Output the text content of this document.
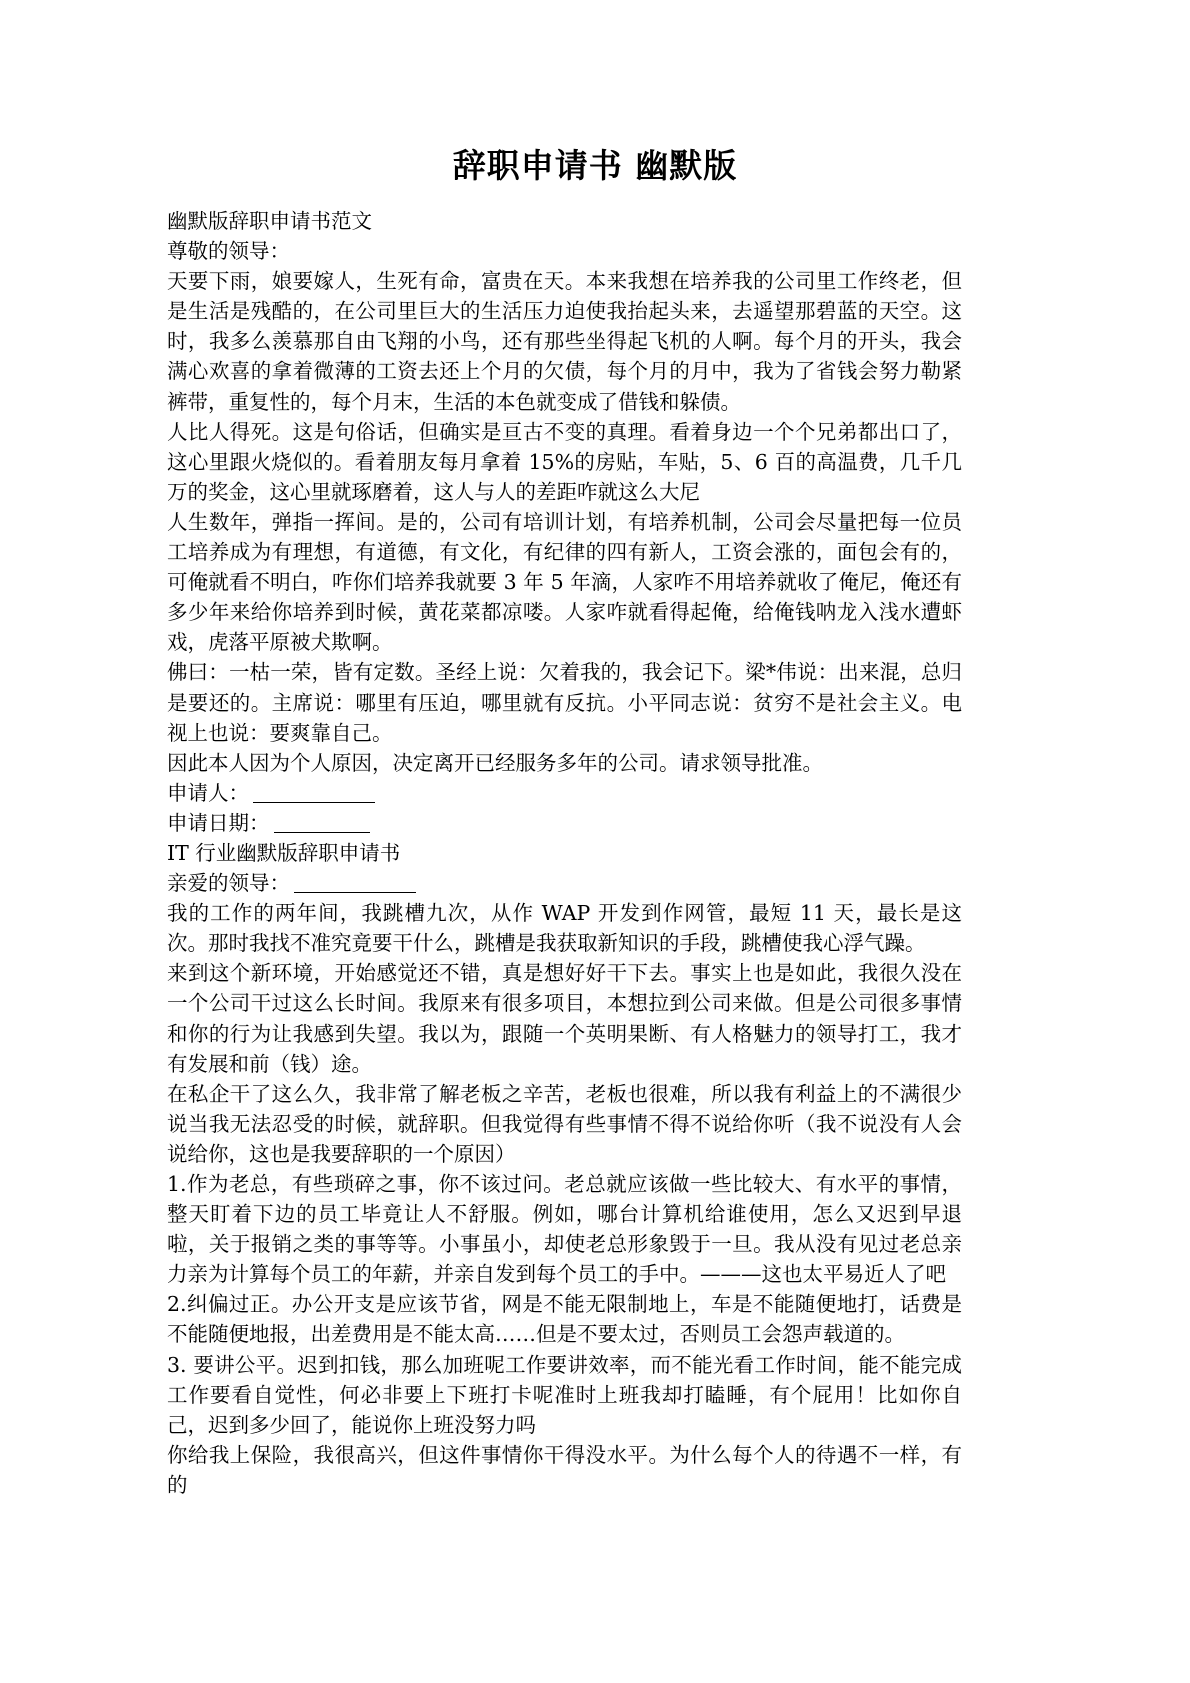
辞职申请书 幽默版

幽默版辞职申请书范文

尊敬的领导：

天要下雨，娘要嫁人，生死有命，富贵在天。本来我想在培养我的公司里工作终老，但是生活是残酷的，在公司里巨大的生活压力迫使我抬起头来，去遥望那碧蓝的天空。这时，我多么羡慕那自由飞翔的小鸟，还有那些坐得起飞机的人啊。每个月的开头，我会满心欢喜的拿着微薄的工资去还上个月的欠债，每个月的月中，我为了省钱会努力勒紧裤带，重复性的，每个月末，生活的本色就变成了借钱和躲债。

人比人得死。这是句俗话，但确实是亘古不变的真理。看着身边一个个兄弟都出口了，这心里跟火烧似的。看着朋友每月拿着 15%的房贴，车贴，5、6 百的高温费，几千几万的奖金，这心里就琢磨着，这人与人的差距咋就这么大尼

人生数年，弹指一挥间。是的，公司有培训计划，有培养机制，公司会尽量把每一位员工培养成为有理想，有道德，有文化，有纪律的四有新人，工资会涨的，面包会有的，可俺就看不明白，咋你们培养我就要 3 年 5 年滴，人家咋不用培养就收了俺尼，俺还有多少年来给你培养到时候，黄花菜都凉喽。人家咋就看得起俺，给俺钱呐龙入浅水遭虾戏，虎落平原被犬欺啊。

佛曰：一枯一荣，皆有定数。圣经上说：欠着我的，我会记下。梁*伟说：出来混，总归是要还的。主席说：哪里有压迫，哪里就有反抗。小平同志说：贫穷不是社会主义。电视上也说：要爽靠自己。

因此本人因为个人原因，决定离开已经服务多年的公司。请求领导批准。

申请人：

申请日期：

IT 行业幽默版辞职申请书

亲爱的领导：

我的工作的两年间，我跳槽九次，从作 WAP 开发到作网管，最短 11 天，最长是这次。那时我找不准究竟要干什么，跳槽是我获取新知识的手段，跳槽使我心浮气躁。

来到这个新环境，开始感觉还不错，真是想好好干下去。事实上也是如此，我很久没在一个公司干过这么长时间。我原来有很多项目，本想拉到公司来做。但是公司很多事情和你的行为让我感到失望。我以为，跟随一个英明果断、有人格魅力的领导打工，我才有发展和前（钱）途。

在私企干了这么久，我非常了解老板之辛苦，老板也很难，所以我有利益上的不满很少说当我无法忍受的时候，就辞职。但我觉得有些事情不得不说给你听（我不说没有人会说给你，这也是我要辞职的一个原因）

1.作为老总，有些琐碎之事，你不该过问。老总就应该做一些比较大、有水平的事情，整天盯着下边的员工毕竟让人不舒服。例如，哪台计算机给谁使用，怎么又迟到早退啦，关于报销之类的事等等。小事虽小，却使老总形象毁于一旦。我从没有见过老总亲力亲为计算每个员工的年薪，并亲自发到每个员工的手中。———这也太平易近人了吧

2.纠偏过正。办公开支是应该节省，网是不能无限制地上，车是不能随便地打，话费是不能随便地报，出差费用是不能太高……但是不要太过，否则员工会怨声载道的。

3. 要讲公平。迟到扣钱，那么加班呢工作要讲效率，而不能光看工作时间，能不能完成工作要看自觉性，何必非要上下班打卡呢准时上班我却打瞌睡，有个屁用！比如你自己，迟到多少回了，能说你上班没努力吗

你给我上保险，我很高兴，但这件事情你干得没水平。为什么每个人的待遇不一样，有的
